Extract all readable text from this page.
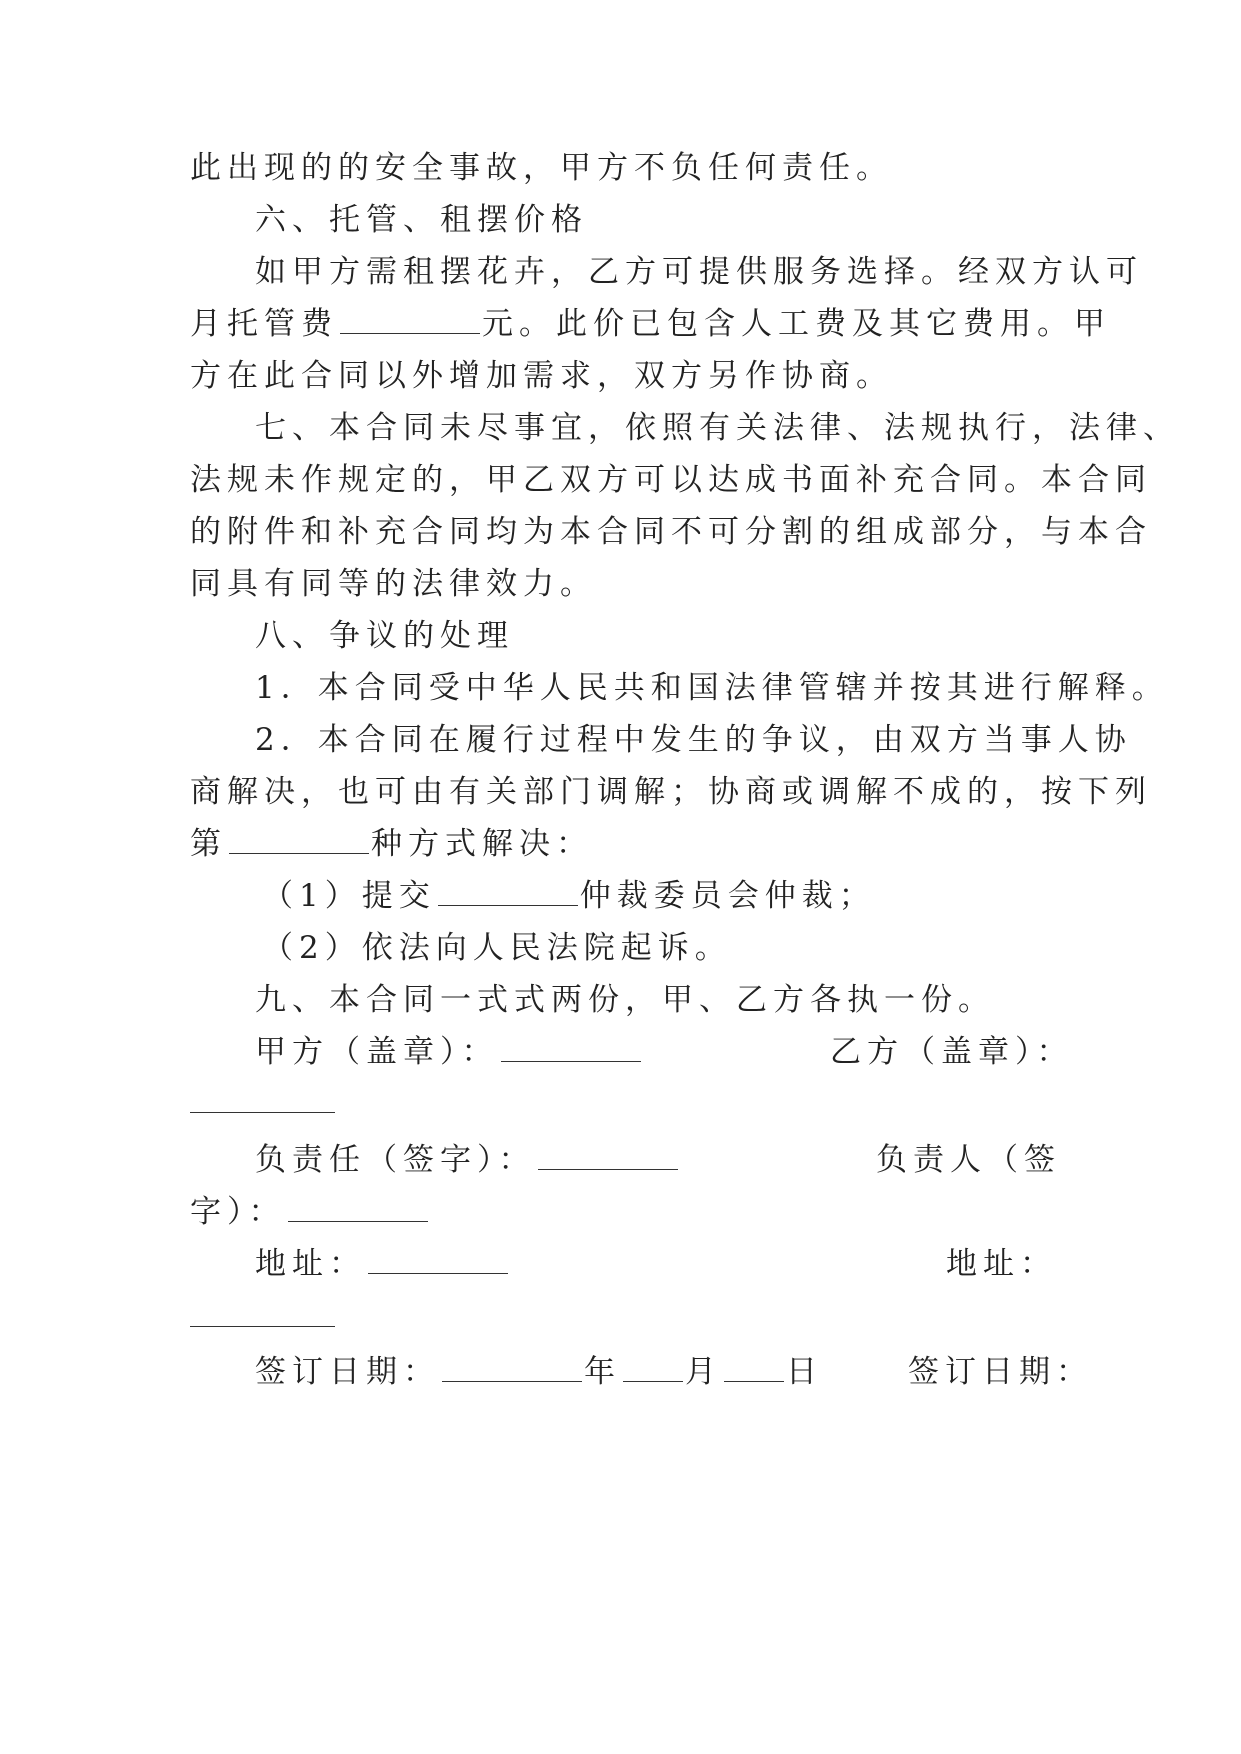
此出现的的安全事故，甲方不负任何责任。
六、托管、租摆价格
如甲方需租摆花卉，乙方可提供服务选择。经双方认可
月托管费	元。此价已包含人工费及其它费用。甲
方在此合同以外增加需求，双方另作协商。
七、本合同未尽事宜，依照有关法律、法规执行，法律、
法规未作规定的，甲乙双方可以达成书面补充合同。本合同
的附件和补充合同均为本合同不可分割的组成部分，与本合
同具有同等的法律效力。
八、争议的处理
1．本合同受中华人民共和国法律管辖并按其进行解释。
2．本合同在履行过程中发生的争议，由双方当事人协
商解决，也可由有关部门调解；协商或调解不成的，按下列
第	种方式解决：
（1）提交	仲裁委员会仲裁；
（2）依法向人民法院起诉。
九、本合同一式式两份，甲、乙方各执一份。
甲方（盖章）：	乙方（盖章）：
负责任（签字）：	负责人（签
字）：
地址：	地址：
签订日期：	年 月 日	签订日期：
